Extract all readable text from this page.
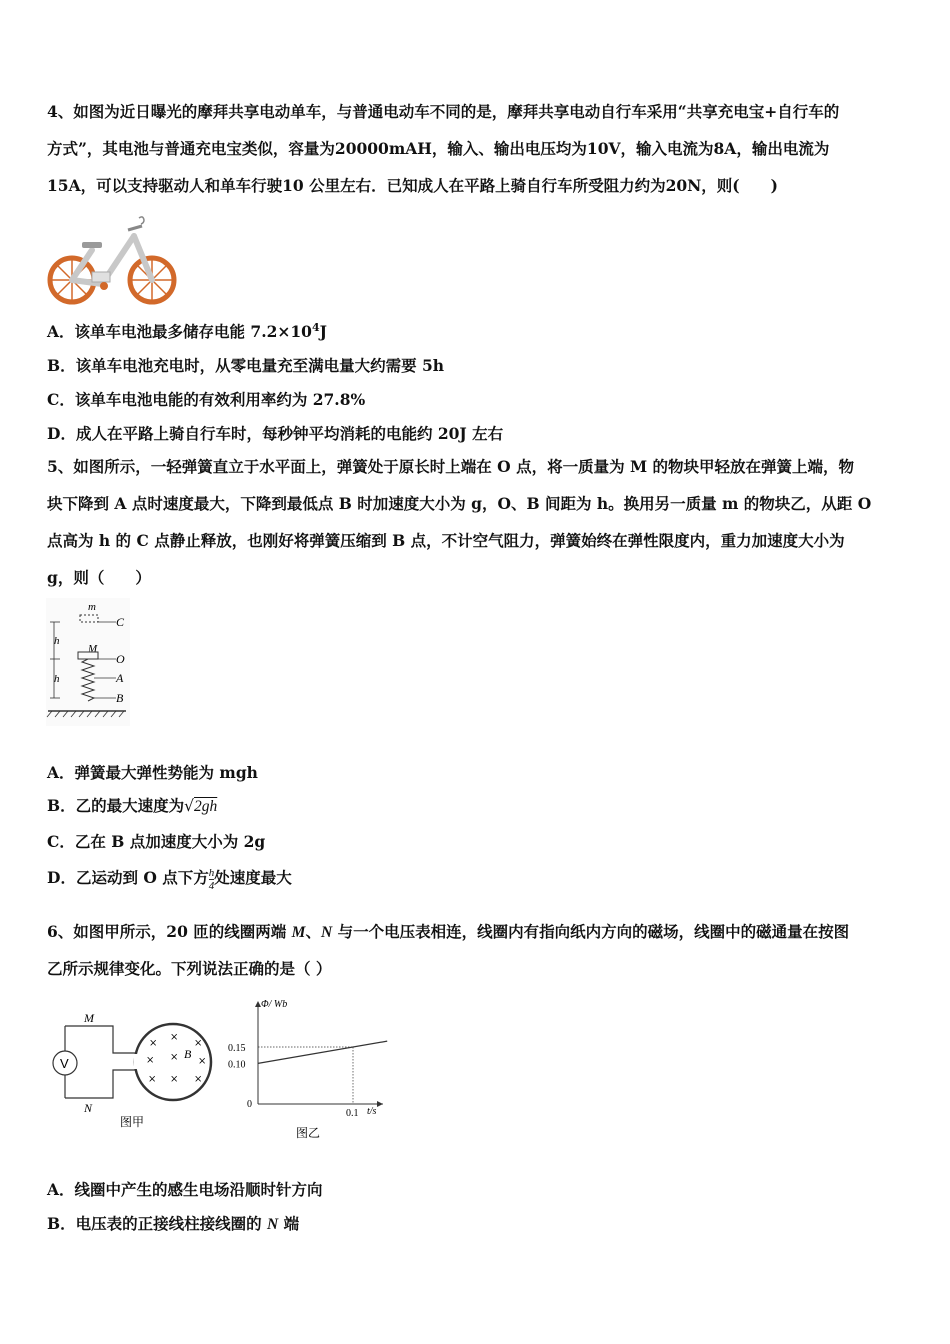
4、如图为近日曝光的摩拜共享电动单车，与普通电动车不同的是，摩拜共享电动自行车采用“共享充电宝+自行车的
方式”，其电池与普通充电宝类似，容量为20000mAH，输入、输出电压均为10V，输入电流为8A，输出电流为
15A，可以支持驱动人和单车行驶10 公里左右．已知成人在平路上骑自行车所受阻力约为20N，则(　　)
A．该单车电池最多储存电能 $7.2\times 10^4J$
B．该单车电池充电时，从零电量充至满电量大约需要 5h
C．该单车电池电能的有效利用率约为 27.8%
D．成人在平路上骑自行车时，每秒钟平均消耗的电能约 20J 左右
5、如图所示，一轻弹簧直立于水平面上，弹簧处于原长时上端在 O 点，将一质量为 M 的物块甲轻放在弹簧上端，物
块下降到 A 点时速度最大，下降到最低点 B 时加速度大小为 g，O、B 间距为 h。换用另一质量 m 的物块乙，从距 O
点高为 h 的 C 点静止释放，也刚好将弹簧压缩到 B 点，不计空气阻力，弹簧始终在弹性限度内，重力加速度大小为
g，则（　　）
m
C
h
h
M
O
A
B
A．弹簧最大弹性势能为 mgh
B．乙的最大速度为√2gh
C．乙在 B 点加速度大小为 2g
D．乙运动到 O 点下方 $\frac{h}{4}$ 处速度最大
6、如图甲所示，20 匝的线圈两端 M、N 与一个电压表相连，线圈内有指向纸内方向的磁场，线圈中的磁通量在按图
乙所示规律变化。下列说法正确的是（ ）
M
N
V
×
×
×
× × B
×
× × ×
图甲
Φ/ Wb
t/s
0
0.15
0.10
0.1
图乙
A．线圈中产生的感生电场沿顺时针方向
B．电压表的正接线柱接线圈的 N 端
